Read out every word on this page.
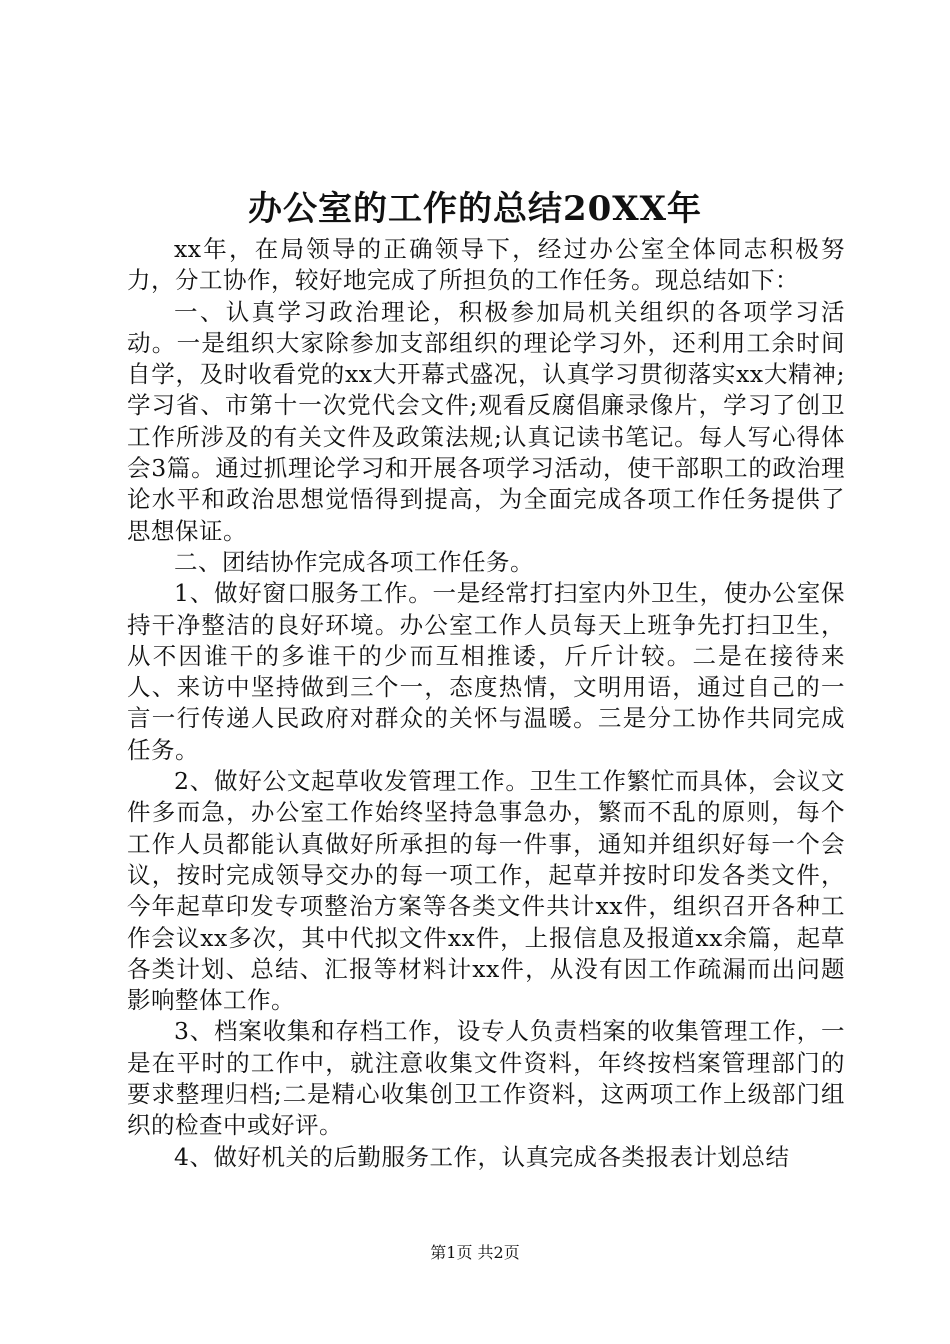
办公室的工作的总结20XX年

xx年，在局领导的正确领导下，经过办公室全体同志积极努力，分工协作，较好地完成了所担负的工作任务。现总结如下：

一、认真学习政治理论，积极参加局机关组织的各项学习活动。一是组织大家除参加支部组织的理论学习外，还利用工余时间自学，及时收看党的xx大开幕式盛况，认真学习贯彻落实xx大精神;学习省、市第十一次党代会文件;观看反腐倡廉录像片，学习了创卫工作所涉及的有关文件及政策法规;认真记读书笔记。每人写心得体会3篇。通过抓理论学习和开展各项学习活动，使干部职工的政治理论水平和政治思想觉悟得到提高，为全面完成各项工作任务提供了思想保证。

二、团结协作完成各项工作任务。

1、做好窗口服务工作。一是经常打扫室内外卫生，使办公室保持干净整洁的良好环境。办公室工作人员每天上班争先打扫卫生，从不因谁干的多谁干的少而互相推诿，斤斤计较。二是在接待来人、来访中坚持做到三个一，态度热情，文明用语，通过自己的一言一行传递人民政府对群众的关怀与温暖。三是分工协作共同完成任务。

2、做好公文起草收发管理工作。卫生工作繁忙而具体，会议文件多而急，办公室工作始终坚持急事急办，繁而不乱的原则，每个工作人员都能认真做好所承担的每一件事，通知并组织好每一个会议，按时完成领导交办的每一项工作，起草并按时印发各类文件，今年起草印发专项整治方案等各类文件共计xx件，组织召开各种工作会议xx多次，其中代拟文件xx件，上报信息及报道xx余篇，起草各类计划、总结、汇报等材料计xx件，从没有因工作疏漏而出问题影响整体工作。

3、档案收集和存档工作，设专人负责档案的收集管理工作，一是在平时的工作中，就注意收集文件资料，年终按档案管理部门的要求整理归档;二是精心收集创卫工作资料，这两项工作上级部门组织的检查中或好评。

4、做好机关的后勤服务工作，认真完成各类报表计划总结

第1页 共2页
